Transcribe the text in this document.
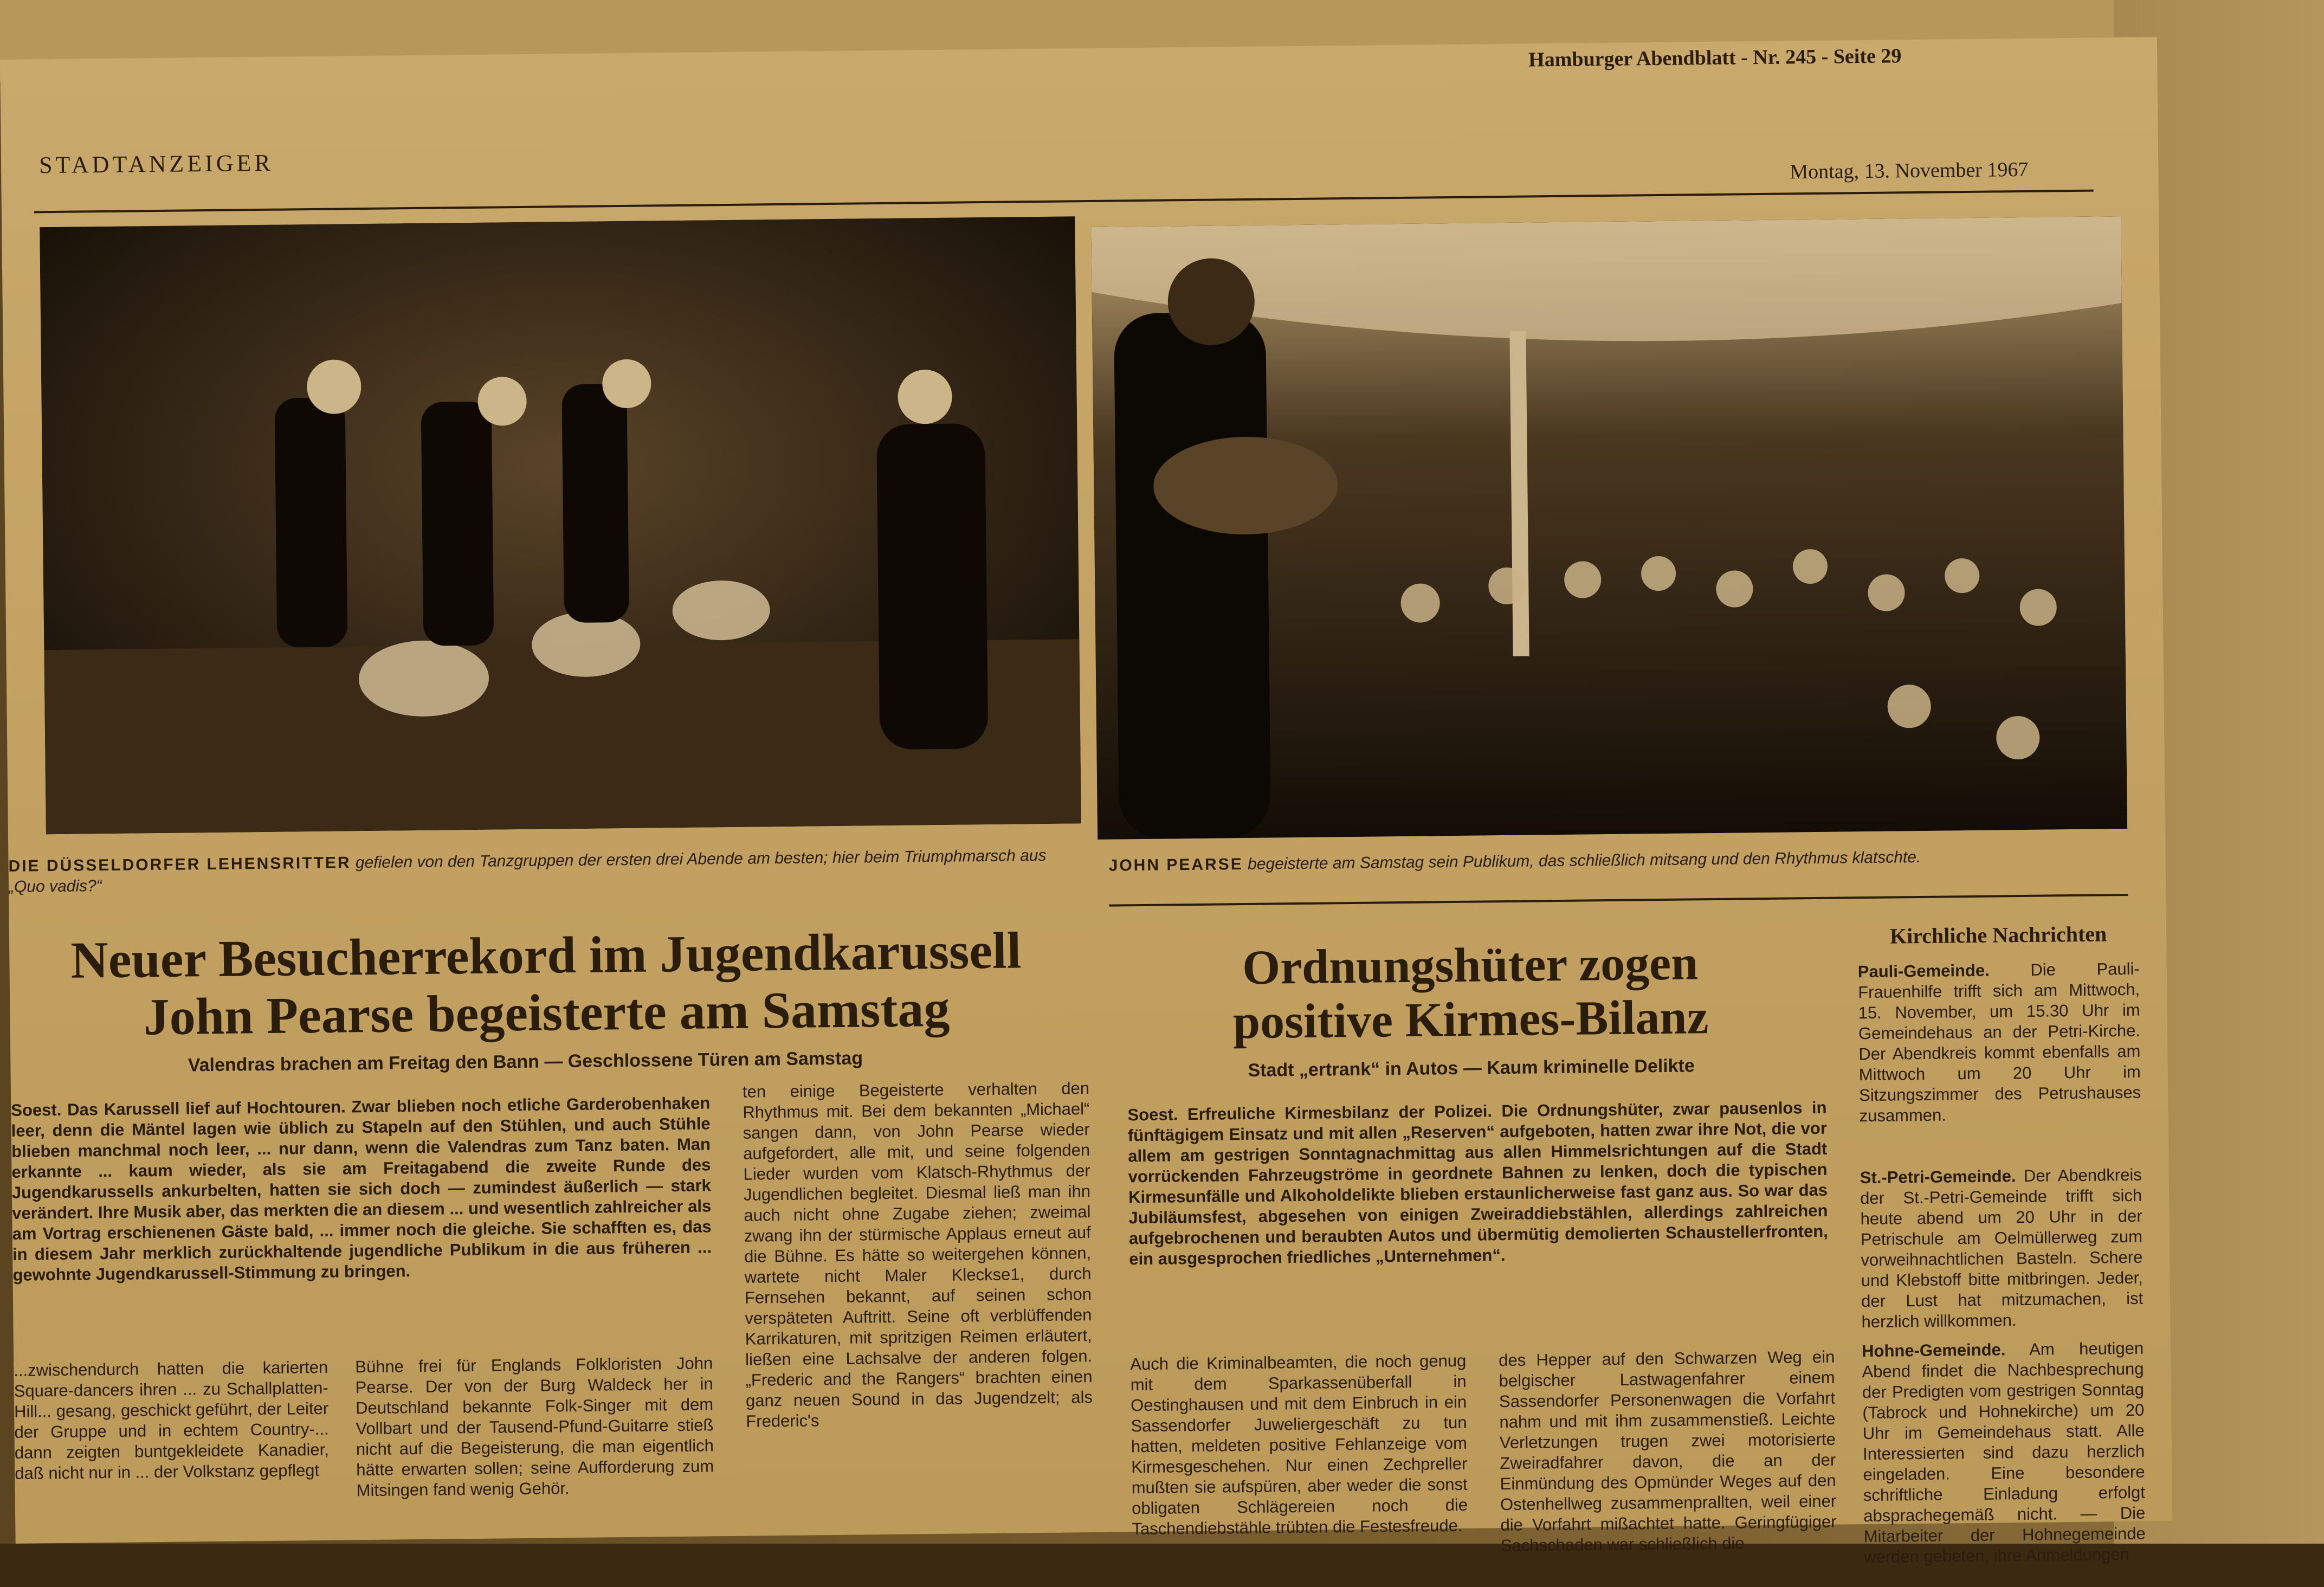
Hamburger Abendblatt - Nr. 245 - Seite 29
STADTANZEIGER	Montag, 13. November 1967
DIE DÜSSELDORFER LEHENSRITTER gefielen von den Tanzgruppen der ersten drei Abende am besten; hier beim Triumphmarsch aus „Quo vadis?“
JOHN PEARSE begeisterte am Samstag sein Publikum, das schließlich mitsang und den Rhythmus klatschte.
Neuer Besucherrekord im Jugendkarussell
John Pearse begeisterte am Samstag
Valendras brachen am Freitag den Bann — Geschlossene Türen am Samstag
Soest. Das Karussell lief auf Hochtouren. Zwar blieben noch etliche Garderobenhaken leer, denn die Mäntel lagen wie üblich zu Stapeln auf den Stühlen, und auch Stühle blieben manchmal noch leer, ... nur dann, wenn die Valendras zum Tanz baten. Man erkannte ... kaum wieder, als sie am Freitagabend die zweite Runde des Jugendkarussells ankurbelten, hatten sie sich doch — zumindest äußerlich — stark verändert. Ihre Musik aber, das merkten die an diesem ... und wesentlich zahlreicher als am Vortrag erschienenen Gäste bald, ... immer noch die gleiche. Sie schafften es, das in diesem Jahr merklich zurückhaltende jugendliche Publikum in die aus früheren ... gewohnte Jugendkarussell-Stimmung zu bringen.
...zwischendurch hatten die karierten Square-dancers ihren ... zu Schallplatten-Hill... gesang, geschickt geführt, der Leiter der Gruppe und in echtem Country-... dann zeigten buntgekleidete Kanadier, daß nicht nur in ... der Volkstanz gepflegt
Bühne frei für Englands Folkloristen John Pearse. Der von der Burg Waldeck her in Deutschland bekannte Folk-Singer mit dem Vollbart und der Tausend-Pfund-Guitarre stieß nicht auf die Begeisterung, die man eigentlich hätte erwarten sollen; seine Aufforderung zum Mitsingen fand wenig Gehör.
ten einige Begeisterte verhalten den Rhythmus mit. Bei dem bekannten „Michael“ sangen dann, von John Pearse wieder aufgefordert, alle mit, und seine folgenden Lieder wurden vom Klatsch-Rhythmus der Jugendlichen begleitet. Diesmal ließ man ihn auch nicht ohne Zugabe ziehen; zweimal zwang ihn der stürmische Applaus erneut auf die Bühne. Es hätte so weitergehen können, wartete nicht Maler Kleckse1, durch Fernsehen bekannt, auf seinen schon verspäteten Auftritt. Seine oft verblüffenden Karrikaturen, mit spritzigen Reimen erläutert, ließen eine Lachsalve der anderen folgen. „Frederic and the Rangers“ brachten einen ganz neuen Sound in das Jugendzelt; als Frederic's
Ordnungshüter zogen
positive Kirmes-Bilanz
Stadt „ertrank“ in Autos — Kaum kriminelle Delikte
Soest. Erfreuliche Kirmesbilanz der Polizei. Die Ordnungshüter, zwar pausenlos in fünftägigem Einsatz und mit allen „Reserven“ aufgeboten, hatten zwar ihre Not, die vor allem am gestrigen Sonntagnachmittag aus allen Himmelsrichtungen auf die Stadt vorrückenden Fahrzeugströme in geordnete Bahnen zu lenken, doch die typischen Kirmesunfälle und Alkoholdelikte blieben erstaunlicherweise fast ganz aus. So war das Jubiläumsfest, abgesehen von einigen Zweiraddiebstählen, allerdings zahlreichen aufgebrochenen und beraubten Autos und übermütig demolierten Schaustellerfronten, ein ausgesprochen friedliches „Unternehmen“.
Auch die Kriminalbeamten, die noch genug mit dem Sparkassenüberfall in Oestinghausen und mit dem Einbruch in ein Sassendorfer Juweliergeschäft zu tun hatten, meldeten positive Fehlanzeige vom Kirmesgeschehen. Nur einen Zechpreller mußten sie aufspüren, aber weder die sonst obligaten Schlägereien noch die Taschendiebstähle trübten die Festesfreude.
des Hepper auf den Schwarzen Weg ein belgischer Lastwagenfahrer einem Sassendorfer Personenwagen die Vorfahrt nahm und mit ihm zusammenstieß. Leichte Verletzungen trugen zwei motorisierte Zweiradfahrer davon, die an der Einmündung des Opmünder Weges auf den Ostenhellweg zusammenprallten, weil einer die Vorfahrt mißachtet hatte. Geringfügiger Sachschaden war schließlich die
Kirchliche Nachrichten
Pauli-Gemeinde. Die Pauli-Frauenhilfe trifft sich am Mittwoch, 15. November, um 15.30 Uhr im Gemeindehaus an der Petri-Kirche. Der Abendkreis kommt ebenfalls am Mittwoch um 20 Uhr im Sitzungszimmer des Petrushauses zusammen.
St.-Petri-Gemeinde. Der Abendkreis der St.-Petri-Gemeinde trifft sich heute abend um 20 Uhr in der Petrischule am Oelmüllerweg zum vorweihnachtlichen Basteln. Schere und Klebstoff bitte mitbringen. Jeder, der Lust hat mitzumachen, ist herzlich willkommen.
Hohne-Gemeinde. Am heutigen Abend findet die Nachbesprechung der Predigten vom gestrigen Sonntag (Tabrock und Hohnekirche) um 20 Uhr im Gemeindehaus statt. Alle Interessierten sind dazu herzlich eingeladen. Eine besondere schriftliche Einladung erfolgt absprachegemäß nicht. — Die Mitarbeiter der Hohnegemeinde werden gebeten, ihre Anmeldungen
